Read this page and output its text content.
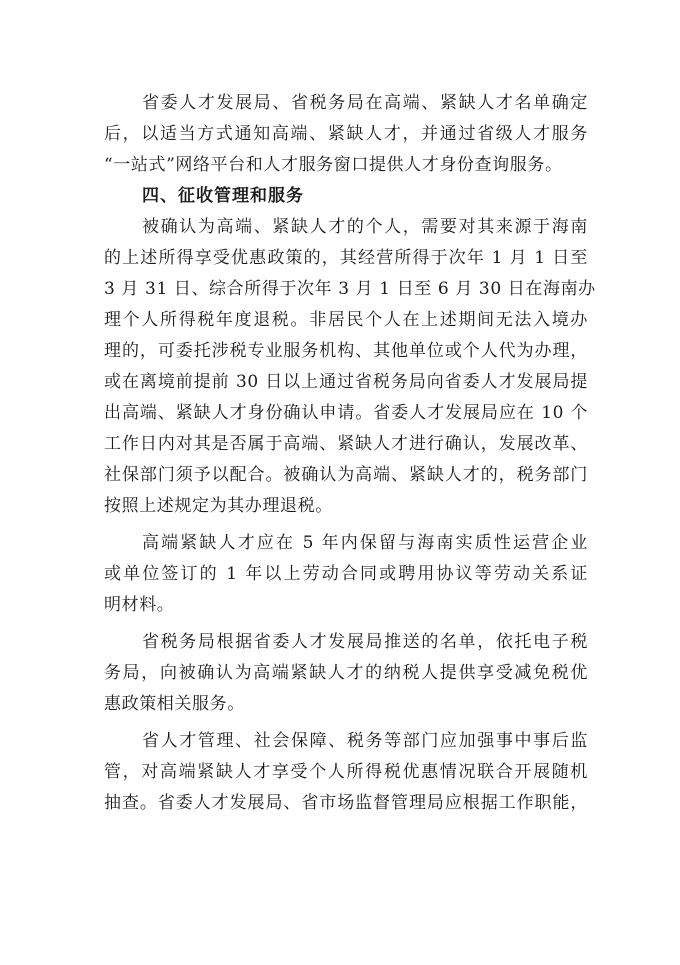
省委人才发展局、省税务局在高端、紧缺人才名单确定
后，以适当方式通知高端、紧缺人才，并通过省级人才服务
“一站式”网络平台和人才服务窗口提供人才身份查询服务。
四、征收管理和服务
被确认为高端、紧缺人才的个人，需要对其来源于海南
的上述所得享受优惠政策的，其经营所得于次年 1 月 1 日至
3 月 31 日、综合所得于次年 3 月 1 日至 6 月 30 日在海南办
理个人所得税年度退税。非居民个人在上述期间无法入境办
理的，可委托涉税专业服务机构、其他单位或个人代为办理，
或在离境前提前 30 日以上通过省税务局向省委人才发展局提
出高端、紧缺人才身份确认申请。省委人才发展局应在 10 个
工作日内对其是否属于高端、紧缺人才进行确认，发展改革、
社保部门须予以配合。被确认为高端、紧缺人才的，税务部门
按照上述规定为其办理退税。
高端紧缺人才应在 5 年内保留与海南实质性运营企业
或单位签订的 1 年以上劳动合同或聘用协议等劳动关系证
明材料。
省税务局根据省委人才发展局推送的名单，依托电子税
务局，向被确认为高端紧缺人才的纳税人提供享受减免税优
惠政策相关服务。
省人才管理、社会保障、税务等部门应加强事中事后监
管，对高端紧缺人才享受个人所得税优惠情况联合开展随机
抽查。省委人才发展局、省市场监督管理局应根据工作职能，
